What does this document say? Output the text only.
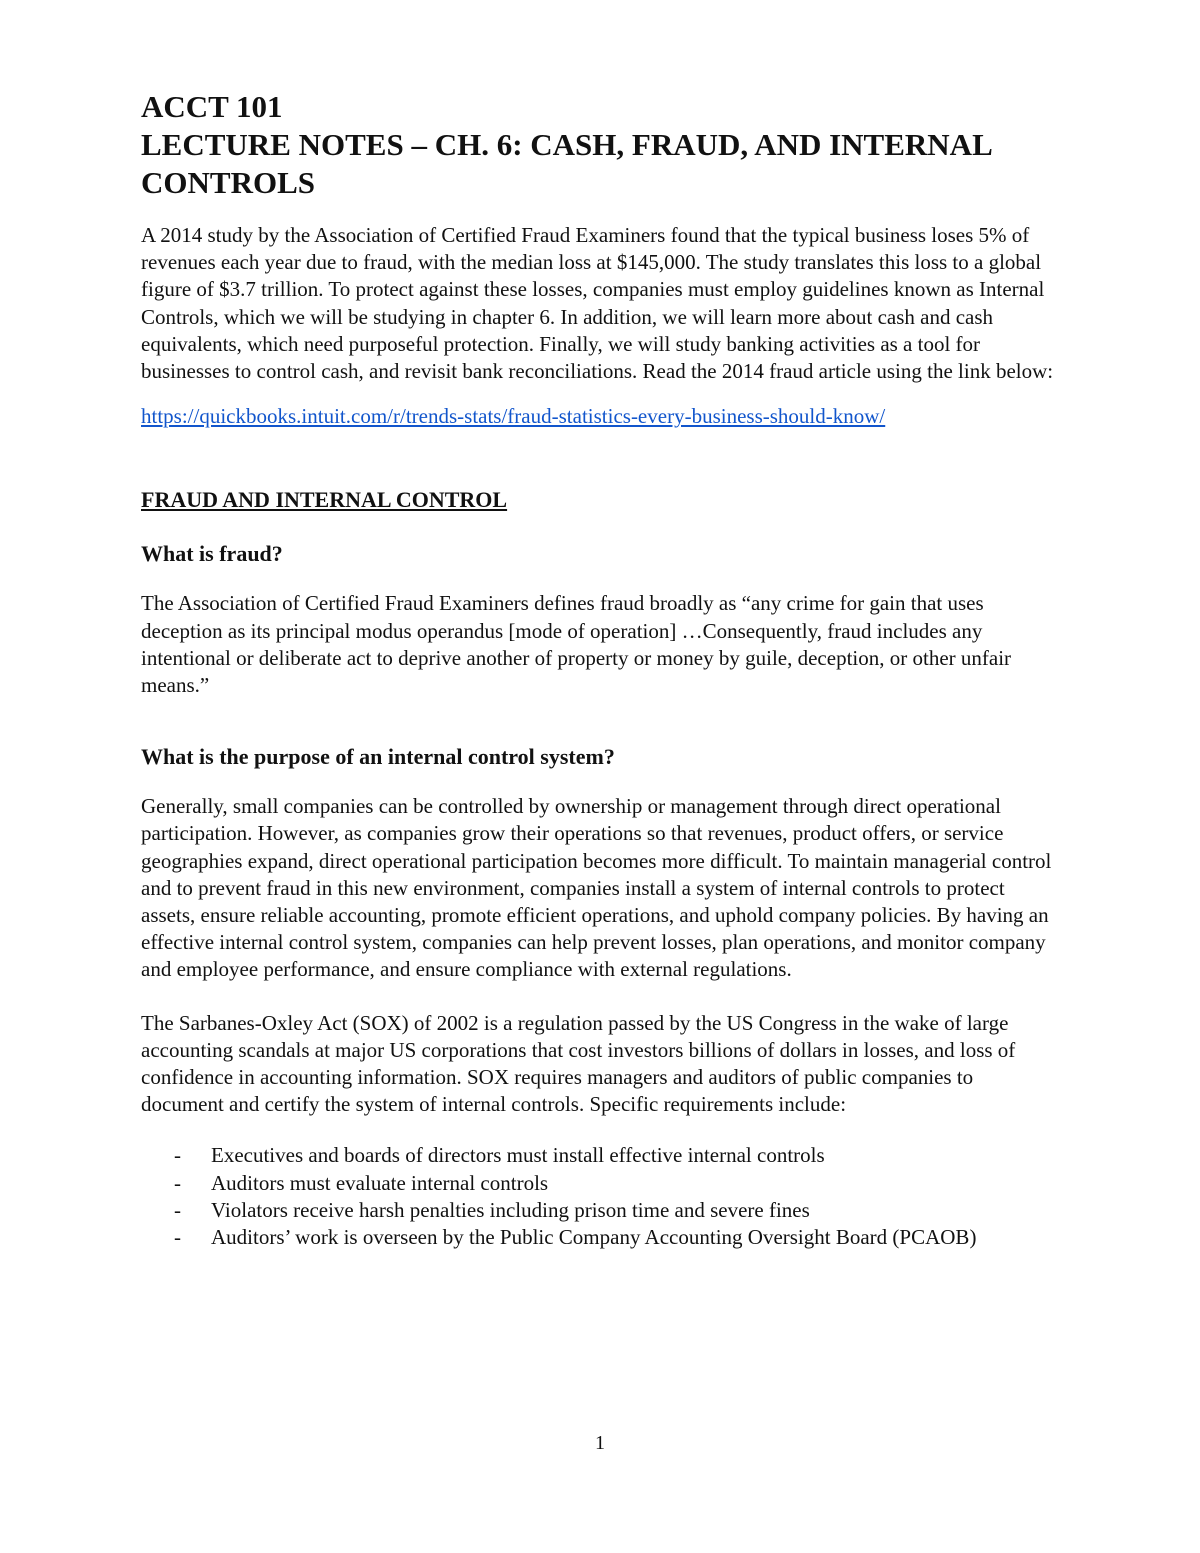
ACCT 101
LECTURE NOTES – CH. 6: CASH, FRAUD, AND INTERNAL
CONTROLS

A 2014 study by the Association of Certified Fraud Examiners found that the typical business loses 5% of revenues each year due to fraud, with the median loss at $145,000. The study translates this loss to a global figure of $3.7 trillion. To protect against these losses, companies must employ guidelines known as Internal Controls, which we will be studying in chapter 6. In addition, we will learn more about cash and cash equivalents, which need purposeful protection. Finally, we will study banking activities as a tool for businesses to control cash, and revisit bank reconciliations. Read the 2014 fraud article using the link below:

https://quickbooks.intuit.com/r/trends-stats/fraud-statistics-every-business-should-know/

FRAUD AND INTERNAL CONTROL
What is fraud?

The Association of Certified Fraud Examiners defines fraud broadly as “any crime for gain that uses deception as its principal modus operandus [mode of operation] …Consequently, fraud includes any intentional or deliberate act to deprive another of property or money by guile, deception, or other unfair means.”

What is the purpose of an internal control system?

Generally, small companies can be controlled by ownership or management through direct operational participation. However, as companies grow their operations so that revenues, product offers, or service geographies expand, direct operational participation becomes more difficult. To maintain managerial control and to prevent fraud in this new environment, companies install a system of internal controls to protect assets, ensure reliable accounting, promote efficient operations, and uphold company policies. By having an effective internal control system, companies can help prevent losses, plan operations, and monitor company and employee performance, and ensure compliance with external regulations.

The Sarbanes-Oxley Act (SOX) of 2002 is a regulation passed by the US Congress in the wake of large accounting scandals at major US corporations that cost investors billions of dollars in losses, and loss of confidence in accounting information. SOX requires managers and auditors of public companies to document and certify the system of internal controls. Specific requirements include:

- Executives and boards of directors must install effective internal controls
- Auditors must evaluate internal controls
- Violators receive harsh penalties including prison time and severe fines
- Auditors’ work is overseen by the Public Company Accounting Oversight Board (PCAOB)
1
